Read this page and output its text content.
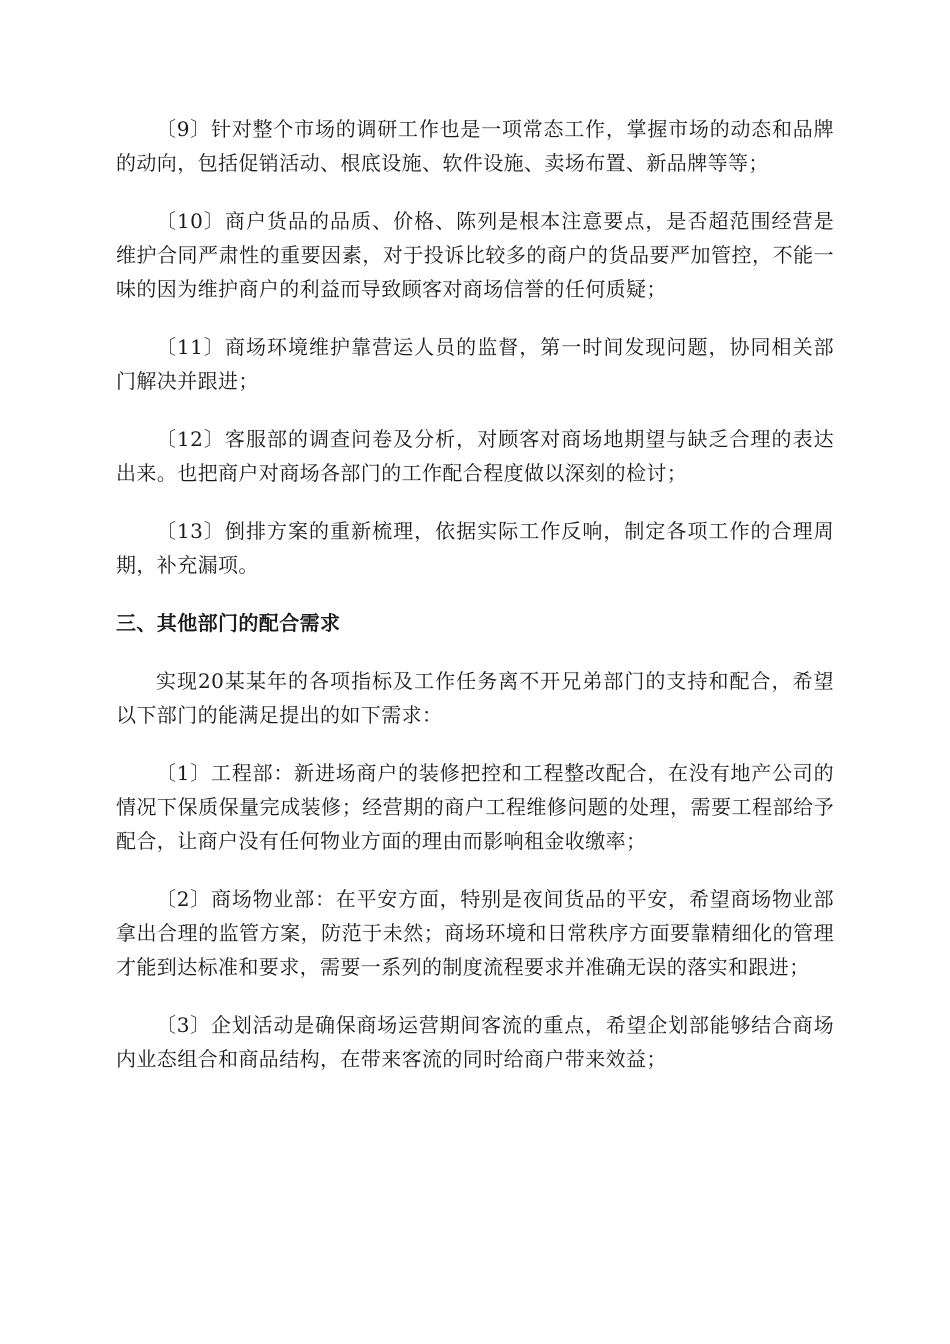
〔9〕针对整个市场的调研工作也是一项常态工作，掌握市场的动态和品牌的动向，包括促销活动、根底设施、软件设施、卖场布置、新品牌等等；

〔10〕商户货品的品质、价格、陈列是根本注意要点，是否超范围经营是维护合同严肃性的重要因素，对于投诉比较多的商户的货品要严加管控，不能一味的因为维护商户的利益而导致顾客对商场信誉的任何质疑；

〔11〕商场环境维护靠营运人员的监督，第一时间发现问题，协同相关部门解决并跟进；

〔12〕客服部的调查问卷及分析，对顾客对商场地期望与缺乏合理的表达出来。也把商户对商场各部门的工作配合程度做以深刻的检讨；

〔13〕倒排方案的重新梳理，依据实际工作反响，制定各项工作的合理周期，补充漏项。

三、其他部门的配合需求

实现20某某年的各项指标及工作任务离不开兄弟部门的支持和配合，希望以下部门的能满足提出的如下需求：

〔1〕工程部：新进场商户的装修把控和工程整改配合，在没有地产公司的情况下保质保量完成装修；经营期的商户工程维修问题的处理，需要工程部给予配合，让商户没有任何物业方面的理由而影响租金收缴率；

〔2〕商场物业部：在平安方面，特别是夜间货品的平安，希望商场物业部拿出合理的监管方案，防范于未然；商场环境和日常秩序方面要靠精细化的管理才能到达标准和要求，需要一系列的制度流程要求并准确无误的落实和跟进；

〔3〕企划活动是确保商场运营期间客流的重点，希望企划部能够结合商场内业态组合和商品结构，在带来客流的同时给商户带来效益；
